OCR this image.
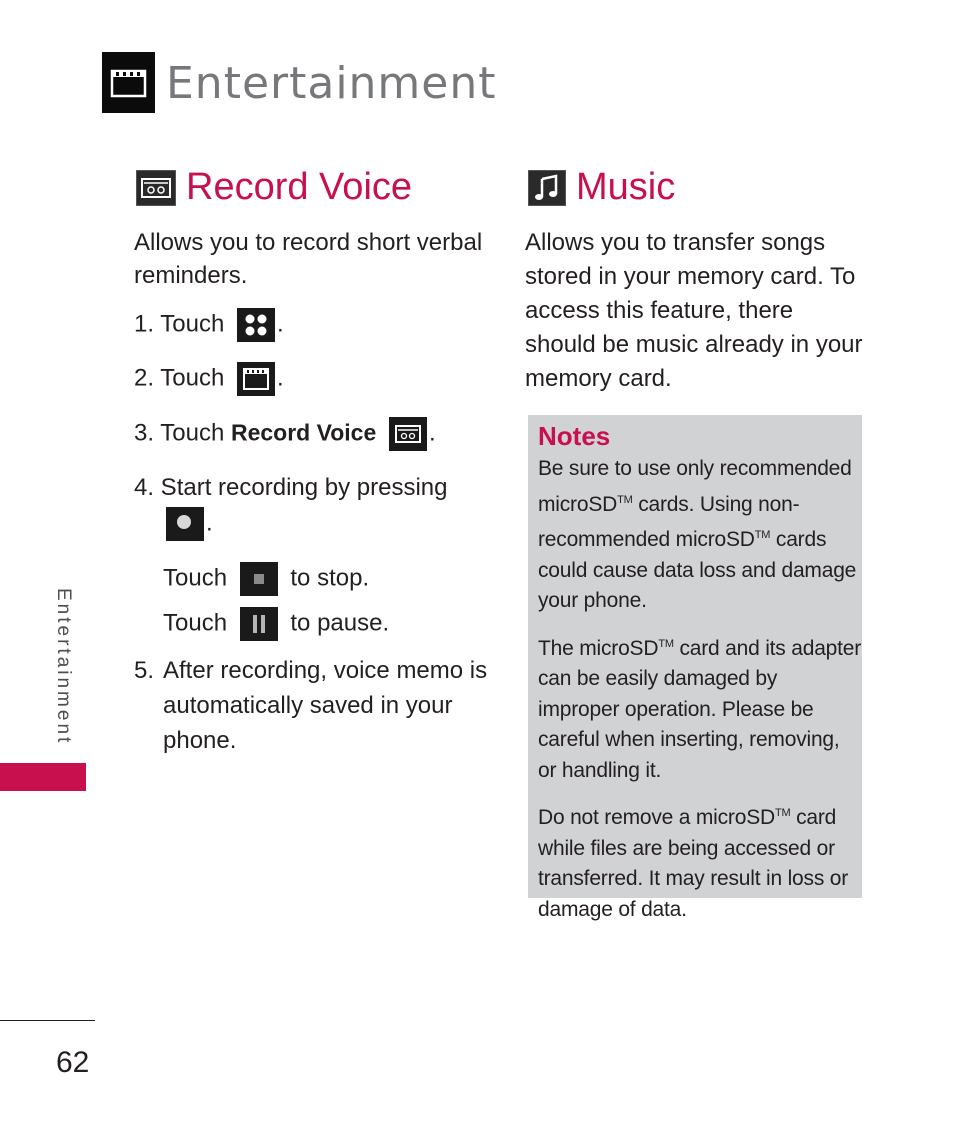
Entertainment
Record Voice
Allows you to record short verbal reminders.
1. Touch .
2. Touch .
3. Touch Record Voice .
4. Start recording by pressing
.
Touch	to stop.
Touch	to pause.
5. After recording, voice memo is automatically saved in your phone.
Music
Allows you to transfer songs stored in your memory card. To access this feature, there should be music already in your memory card.
Notes

Be sure to use only recommended microSD™ cards. Using non-recommended microSD™ cards could cause data loss and damage your phone.

The microSD™ card and its adapter can be easily damaged by improper operation. Please be careful when inserting, removing, or handling it.

Do not remove a microSD™ card while files are being accessed or transferred. It may result in loss or damage of data.

Entertainment
62
